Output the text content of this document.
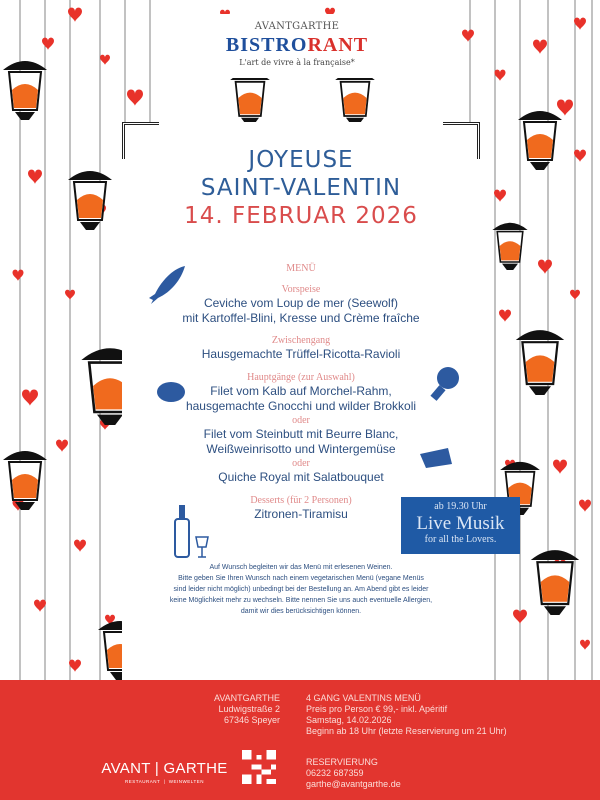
AVANTGARTHE
BISTRORANT
L'art de vivre à la française*
JOYEUSE
SAINT-VALENTIN
14. FEBRUAR 2026
MENÜ
Vorspeise
Ceviche vom Loup de mer (Seewolf)
mit Kartoffel-Blini, Kresse und Crème fraîche
Zwischengang
Hausgemachte Trüffel-Ricotta-Ravioli
Hauptgänge (zur Auswahl)
Filet vom Kalb auf Morchel-Rahm,
hausgemachte Gnocchi und wilder Brokkoli
oder
Filet vom Steinbutt mit Beurre Blanc,
Weißweinrisotto und Wintergemüse
oder
Quiche Royal mit Salatbouquet
Desserts (für 2 Personen)
Zitronen-Tiramisu
Auf Wunsch begleiten wir das Menü mit erlesenen Weinen.
Bitte geben Sie Ihren Wunsch nach einem vegetarischen Menü (vegane Menüs
sind leider nicht möglich) unbedingt bei der Bestellung an. Am Abend gibt es leider
keine Möglichkeit mehr zu wechseln. Bitte nennen Sie uns auch eventuelle Allergien,
damit wir dies berücksichtigen können.
ab 19.30 Uhr
Live Musik
for all the Lovers.
AVANTGARTHE
Ludwigstraße 2
67346 Speyer
4 GANG VALENTINS MENÜ
Preis pro Person € 99,- inkl. Apéritif
Samstag, 14.02.2026
Beginn ab 18 Uhr (letzte Reservierung um 21 Uhr)
RESERVIERUNG
06232 687359
garthe@avantgarthe.de
AVANT | GARTHE
RESTAURANT  |  WEINWELTEN
